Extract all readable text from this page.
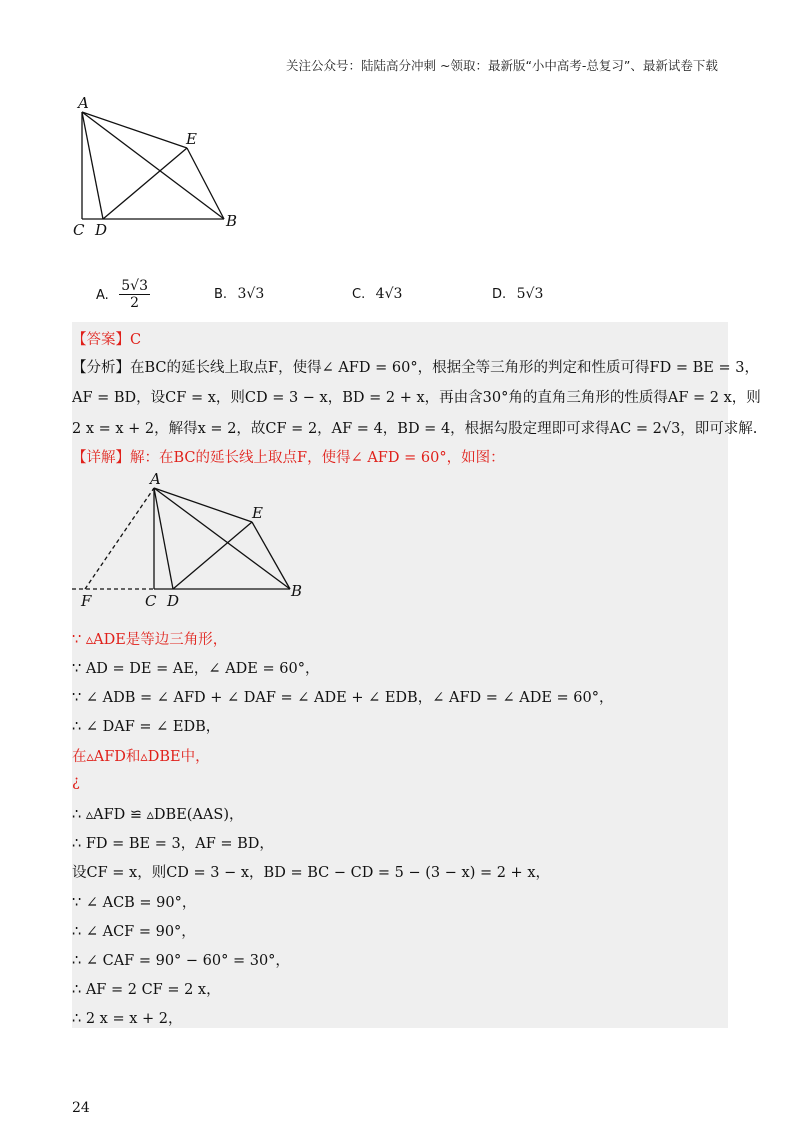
关注公众号：陆陆高分冲刺 ~领取：最新版“小中高考-总复习”、最新试卷下载
A
E
B
C D
A. $\frac{5√3}{2}$	B. 3√3	C. 4√3	D. 5√3
【答案】C
【分析】在BC的延长线上取点F，使得∠ AFD = 60°，根据全等三角形的判定和性质可得FD = BE = 3，
AF = BD，设CF = x，则CD = 3 − x，BD = 2 + x，再由含30°角的直角三角形的性质得AF = 2 x，则
2 x = x + 2，解得x = 2，故CF = 2，AF = 4，BD = 4，根据勾股定理即可求得AC = 2√3，即可求解.
【详解】解：在BC的延长线上取点F，使得∠ AFD = 60°，如图：
A
E
F	C D
B
∵ ▵ADE是等边三角形，
∵ AD = DE = AE，∠ ADE = 60°，
∵ ∠ ADB = ∠ AFD + ∠ DAF = ∠ ADE + ∠ EDB，∠ AFD = ∠ ADE = 60°，
∴ ∠ DAF = ∠ EDB，
在▵AFD和▵DBE中，
¿
∴ ▵AFD ≌ ▵DBE(AAS)，
∴ FD = BE = 3，AF = BD，
设CF = x，则CD = 3 − x，BD = BC − CD = 5 − (3 − x) = 2 + x，
∵ ∠ ACB = 90°，
∴ ∠ ACF = 90°，
∴ ∠ CAF = 90° − 60° = 30°，
∴ AF = 2 CF = 2 x，
∴ 2 x = x + 2，
24
